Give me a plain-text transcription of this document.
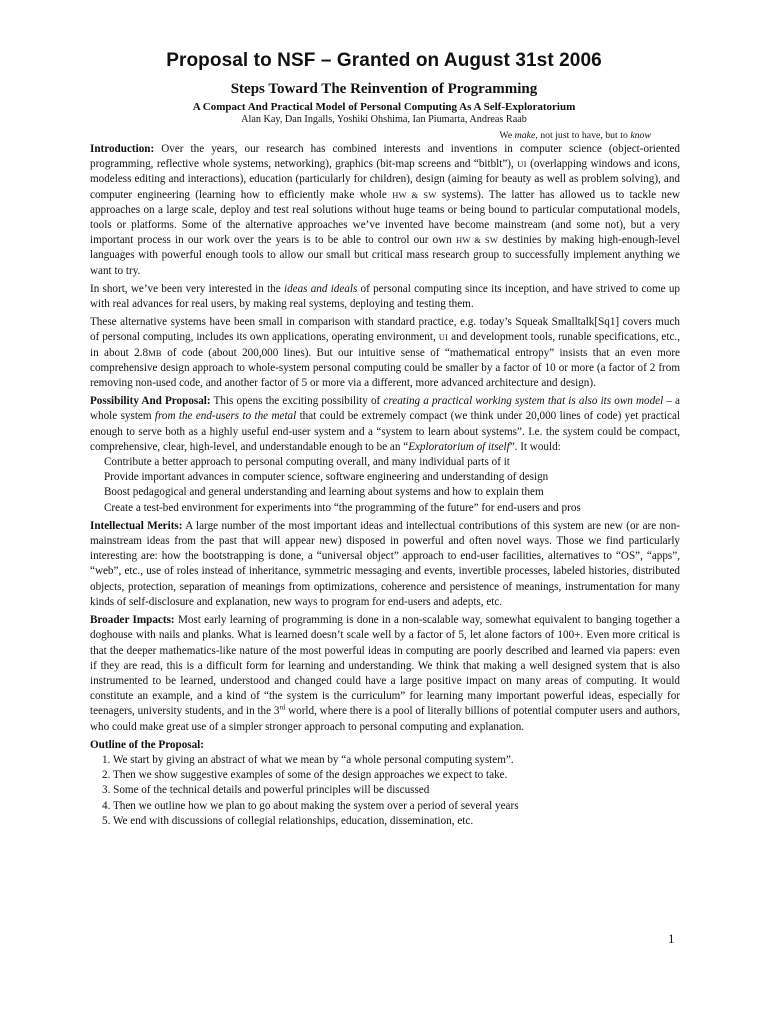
Proposal to NSF – Granted on August 31st 2006
Steps Toward The Reinvention of Programming
A Compact And Practical Model of Personal Computing As A Self-Exploratorium
Alan Kay, Dan Ingalls, Yoshiki Ohshima, Ian Piumarta, Andreas Raab
We make, not just to have, but to know

Introduction: Over the years, our research has combined interests and inventions in computer science (object-oriented programming, reflective whole systems, networking), graphics (bit-map screens and “bitblt”), UI (overlapping windows and icons, modeless editing and interactions), education (particularly for children), design (aiming for beauty as well as problem solving), and computer engineering (learning how to efficiently make whole HW & SW systems). The latter has allowed us to tackle new approaches on a large scale, deploy and test real solutions without huge teams or being bound to particular computational models, tools or platforms. Some of the alternative approaches we’ve invented have become mainstream (and some not), but a very important process in our work over the years is to be able to control our own HW & SW destinies by making high-enough-level languages with powerful enough tools to allow our small but critical mass research group to successfully implement anything we want to try.

In short, we’ve been very interested in the ideas and ideals of personal computing since its inception, and have strived to come up with real advances for real users, by making real systems, deploying and testing them.

These alternative systems have been small in comparison with standard practice, e.g. today’s Squeak Smalltalk[Sq1] covers much of personal computing, includes its own applications, operating environment, UI and development tools, runable specifications, etc., in about 2.8MB of code (about 200,000 lines). But our intuitive sense of “mathematical entropy” insists that an even more comprehensive design approach to whole-system personal computing could be smaller by a factor of 10 or more (a factor of 2 from removing non-used code, and another factor of 5 or more via a different, more advanced architecture and design).

Possibility And Proposal: This opens the exciting possibility of creating a practical working system that is also its own model – a whole system from the end-users to the metal that could be extremely compact (we think under 20,000 lines of code) yet practical enough to serve both as a highly useful end-user system and a “system to learn about systems”. I.e. the system could be compact, comprehensive, clear, high-level, and understandable enough to be an “Exploratorium of itself”. It would:

Contribute a better approach to personal computing overall, and many individual parts of it
Provide important advances in computer science, software engineering and understanding of design
Boost pedagogical and general understanding and learning about systems and how to explain them
Create a test-bed environment for experiments into “the programming of the future” for end-users and pros

Intellectual Merits: A large number of the most important ideas and intellectual contributions of this system are new (or are non-mainstream ideas from the past that will appear new) disposed in powerful and often novel ways. Those we find particularly interesting are: how the bootstrapping is done, a “universal object” approach to end-user facilities, alternatives to “OS”, “apps”, “web”, etc., use of roles instead of inheritance, symmetric messaging and events, invertible processes, labeled histories, distributed objects, protection, separation of meanings from optimizations, coherence and persistence of meanings, instrumentation for many kinds of self-disclosure and explanation, new ways to program for end-users and adepts, etc.

Broader Impacts: Most early learning of programming is done in a non-scalable way, somewhat equivalent to banging together a doghouse with nails and planks. What is learned doesn’t scale well by a factor of 5, let alone factors of 100+. Even more critical is that the deeper mathematics-like nature of the most powerful ideas in computing are poorly described and learned via papers: even if they are read, this is a difficult form for learning and understanding. We think that making a well designed system that is also instrumented to be learned, understood and changed could have a large positive impact on many areas of computing. It would constitute an example, and a kind of “the system is the curriculum” for learning many important powerful ideas, especially for teenagers, university students, and in the 3rd world, where there is a pool of literally billions of potential computer users and authors, who could make great use of a simpler stronger approach to personal computing and explanation.

Outline of the Proposal:
1. We start by giving an abstract of what we mean by “a whole personal computing system”.
2. Then we show suggestive examples of some of the design approaches we expect to take.
3. Some of the technical details and powerful principles will be discussed
4. Then we outline how we plan to go about making the system over a period of several years
5. We end with discussions of collegial relationships, education, dissemination, etc.
1
